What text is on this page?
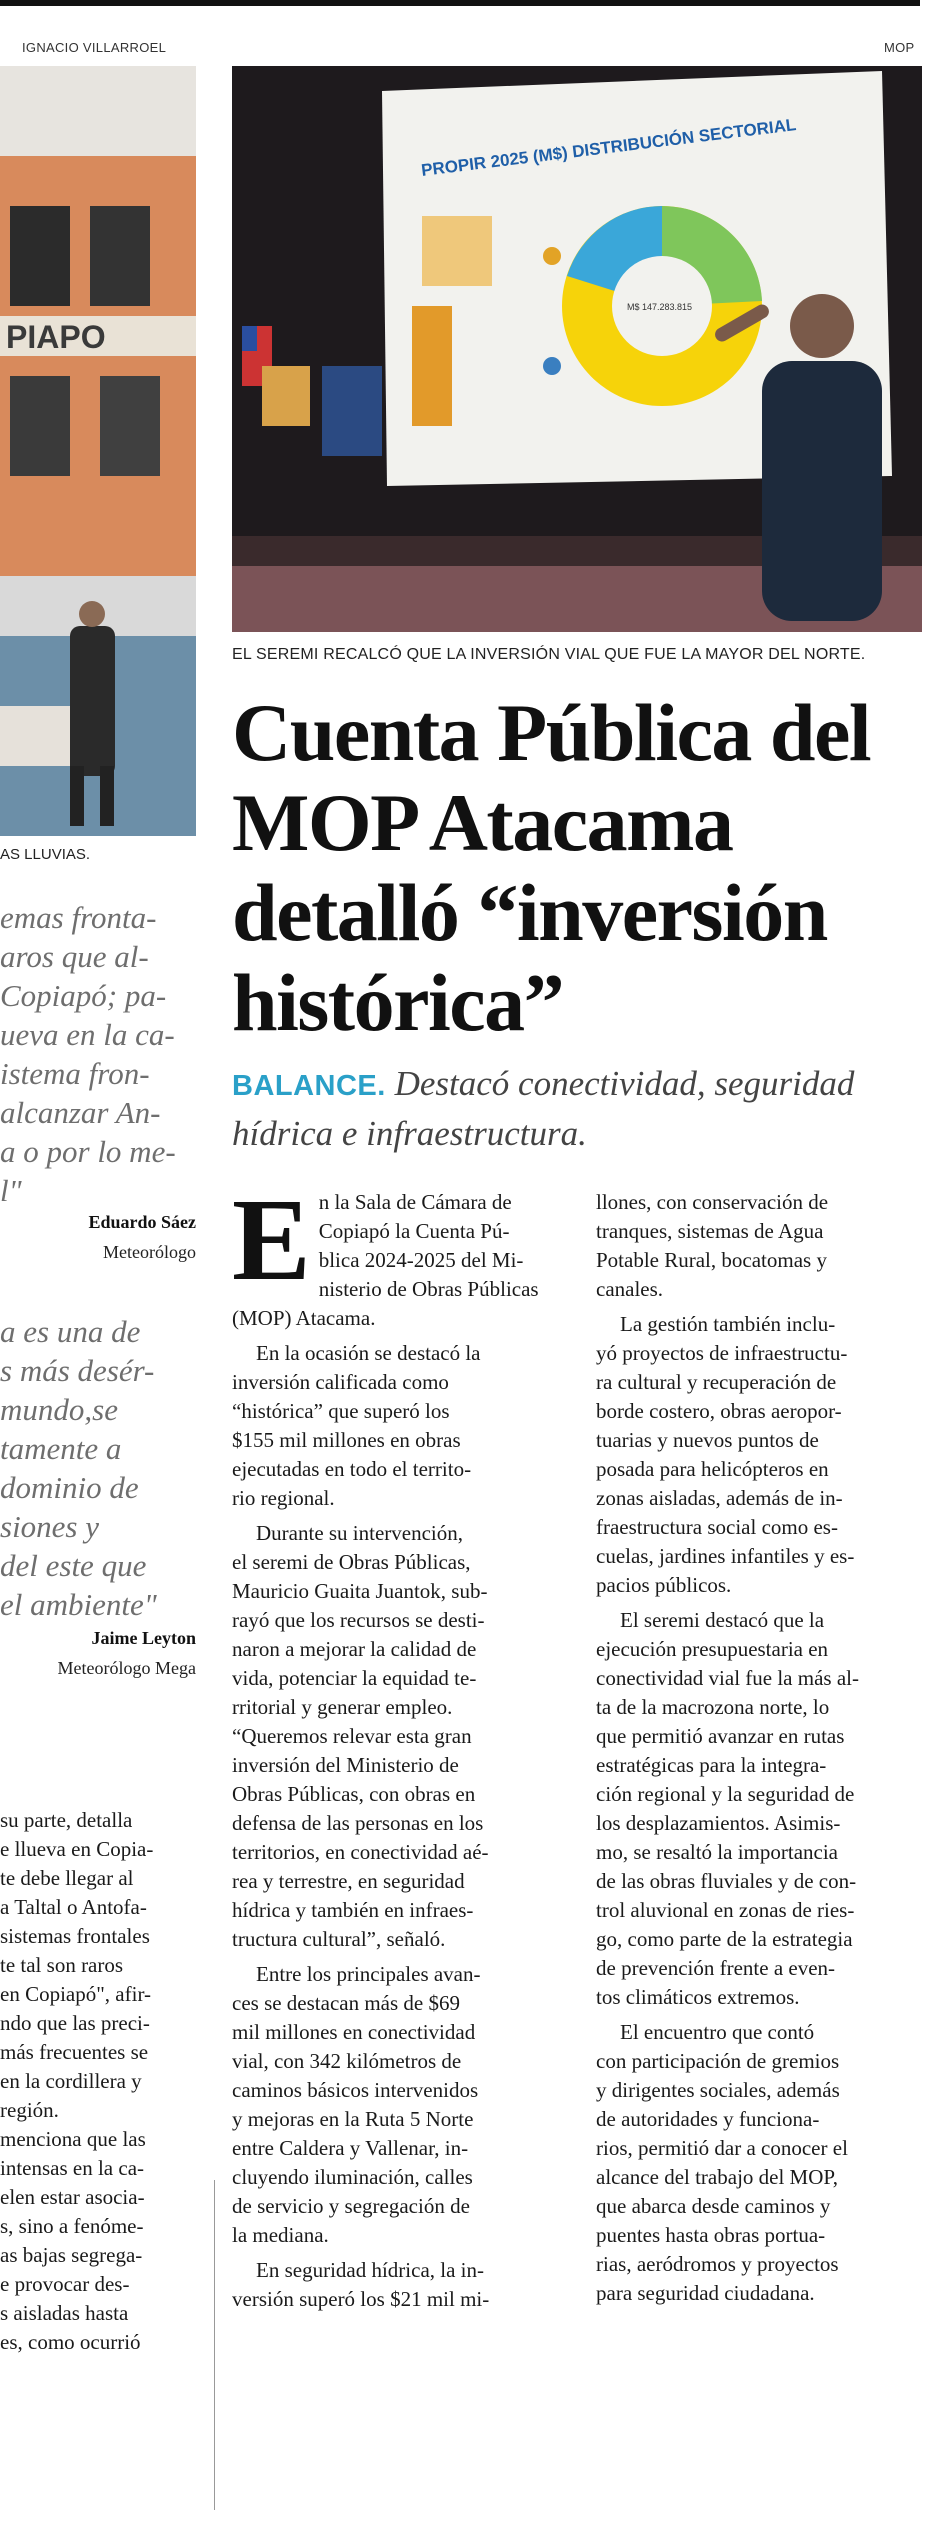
IGNACIO VILLARROEL	MOP
PIAPO
AS LLUVIAS.
emas fronta-
aros que al-
Copiapó; pa-
ueva en la ca-
istema fron-
alcanzar An-
a o por lo me-
l"
Eduardo Sáez
Meteorólogo
a es una de
s más desér-
mundo,se
tamente a
dominio de
siones y
del este que
el ambiente"
Jaime Leyton
Meteorólogo Mega
su parte, detalla
e llueva en Copia-
te debe llegar al
a Taltal o Antofa-
sistemas frontales
te tal son raros
en Copiapó", afir-
ndo que las preci-
más frecuentes se
en la cordillera y
región.
menciona que las
intensas en la ca-
elen estar asocia-
s, sino a fenóme-
as bajas segrega-
e provocar des-
s aisladas hasta
es, como ocurrió
PROPIR 2025 (M$) DISTRIBUCIÓN SECTORIAL
M$ 147.283.815
EL SEREMI RECALCÓ QUE LA INVERSIÓN VIAL QUE FUE LA MAYOR DEL NORTE.
Cuenta Pública del
MOP Atacama
detalló “inversión
histórica”
BALANCE. Destacó conectividad, seguridad hídrica e infraestructura.

E n la Sala de Cámara de
Copiapó la Cuenta Pú-
blica 2024-2025 del Mi-
nisterio de Obras Públicas
(MOP) Atacama.

En la ocasión se destacó la
inversión calificada como
“histórica” que superó los
$155 mil millones en obras
ejecutadas en todo el territo-
rio regional.

Durante su intervención,
el seremi de Obras Públicas,
Mauricio Guaita Juantok, sub-
rayó que los recursos se desti-
naron a mejorar la calidad de
vida, potenciar la equidad te-
rritorial y generar empleo.
“Queremos relevar esta gran
inversión del Ministerio de
Obras Públicas, con obras en
defensa de las personas en los
territorios, en conectividad aé-
rea y terrestre, en seguridad
hídrica y también en infraes-
tructura cultural”, señaló.

Entre los principales avan-
ces se destacan más de $69
mil millones en conectividad
vial, con 342 kilómetros de
caminos básicos intervenidos
y mejoras en la Ruta 5 Norte
entre Caldera y Vallenar, in-
cluyendo iluminación, calles
de servicio y segregación de
la mediana.

En seguridad hídrica, la in-
versión superó los $21 mil mi-

llones, con conservación de
tranques, sistemas de Agua
Potable Rural, bocatomas y
canales.

La gestión también inclu-
yó proyectos de infraestructu-
ra cultural y recuperación de
borde costero, obras aeropor-
tuarias y nuevos puntos de
posada para helicópteros en
zonas aisladas, además de in-
fraestructura social como es-
cuelas, jardines infantiles y es-
pacios públicos.

El seremi destacó que la
ejecución presupuestaria en
conectividad vial fue la más al-
ta de la macrozona norte, lo
que permitió avanzar en rutas
estratégicas para la integra-
ción regional y la seguridad de
los desplazamientos. Asimis-
mo, se resaltó la importancia
de las obras fluviales y de con-
trol aluvional en zonas de ries-
go, como parte de la estrategia
de prevención frente a even-
tos climáticos extremos.

El encuentro que contó
con participación de gremios
y dirigentes sociales, además
de autoridades y funciona-
rios, permitió dar a conocer el
alcance del trabajo del MOP,
que abarca desde caminos y
puentes hasta obras portua-
rias, aeródromos y proyectos
para seguridad ciudadana.
